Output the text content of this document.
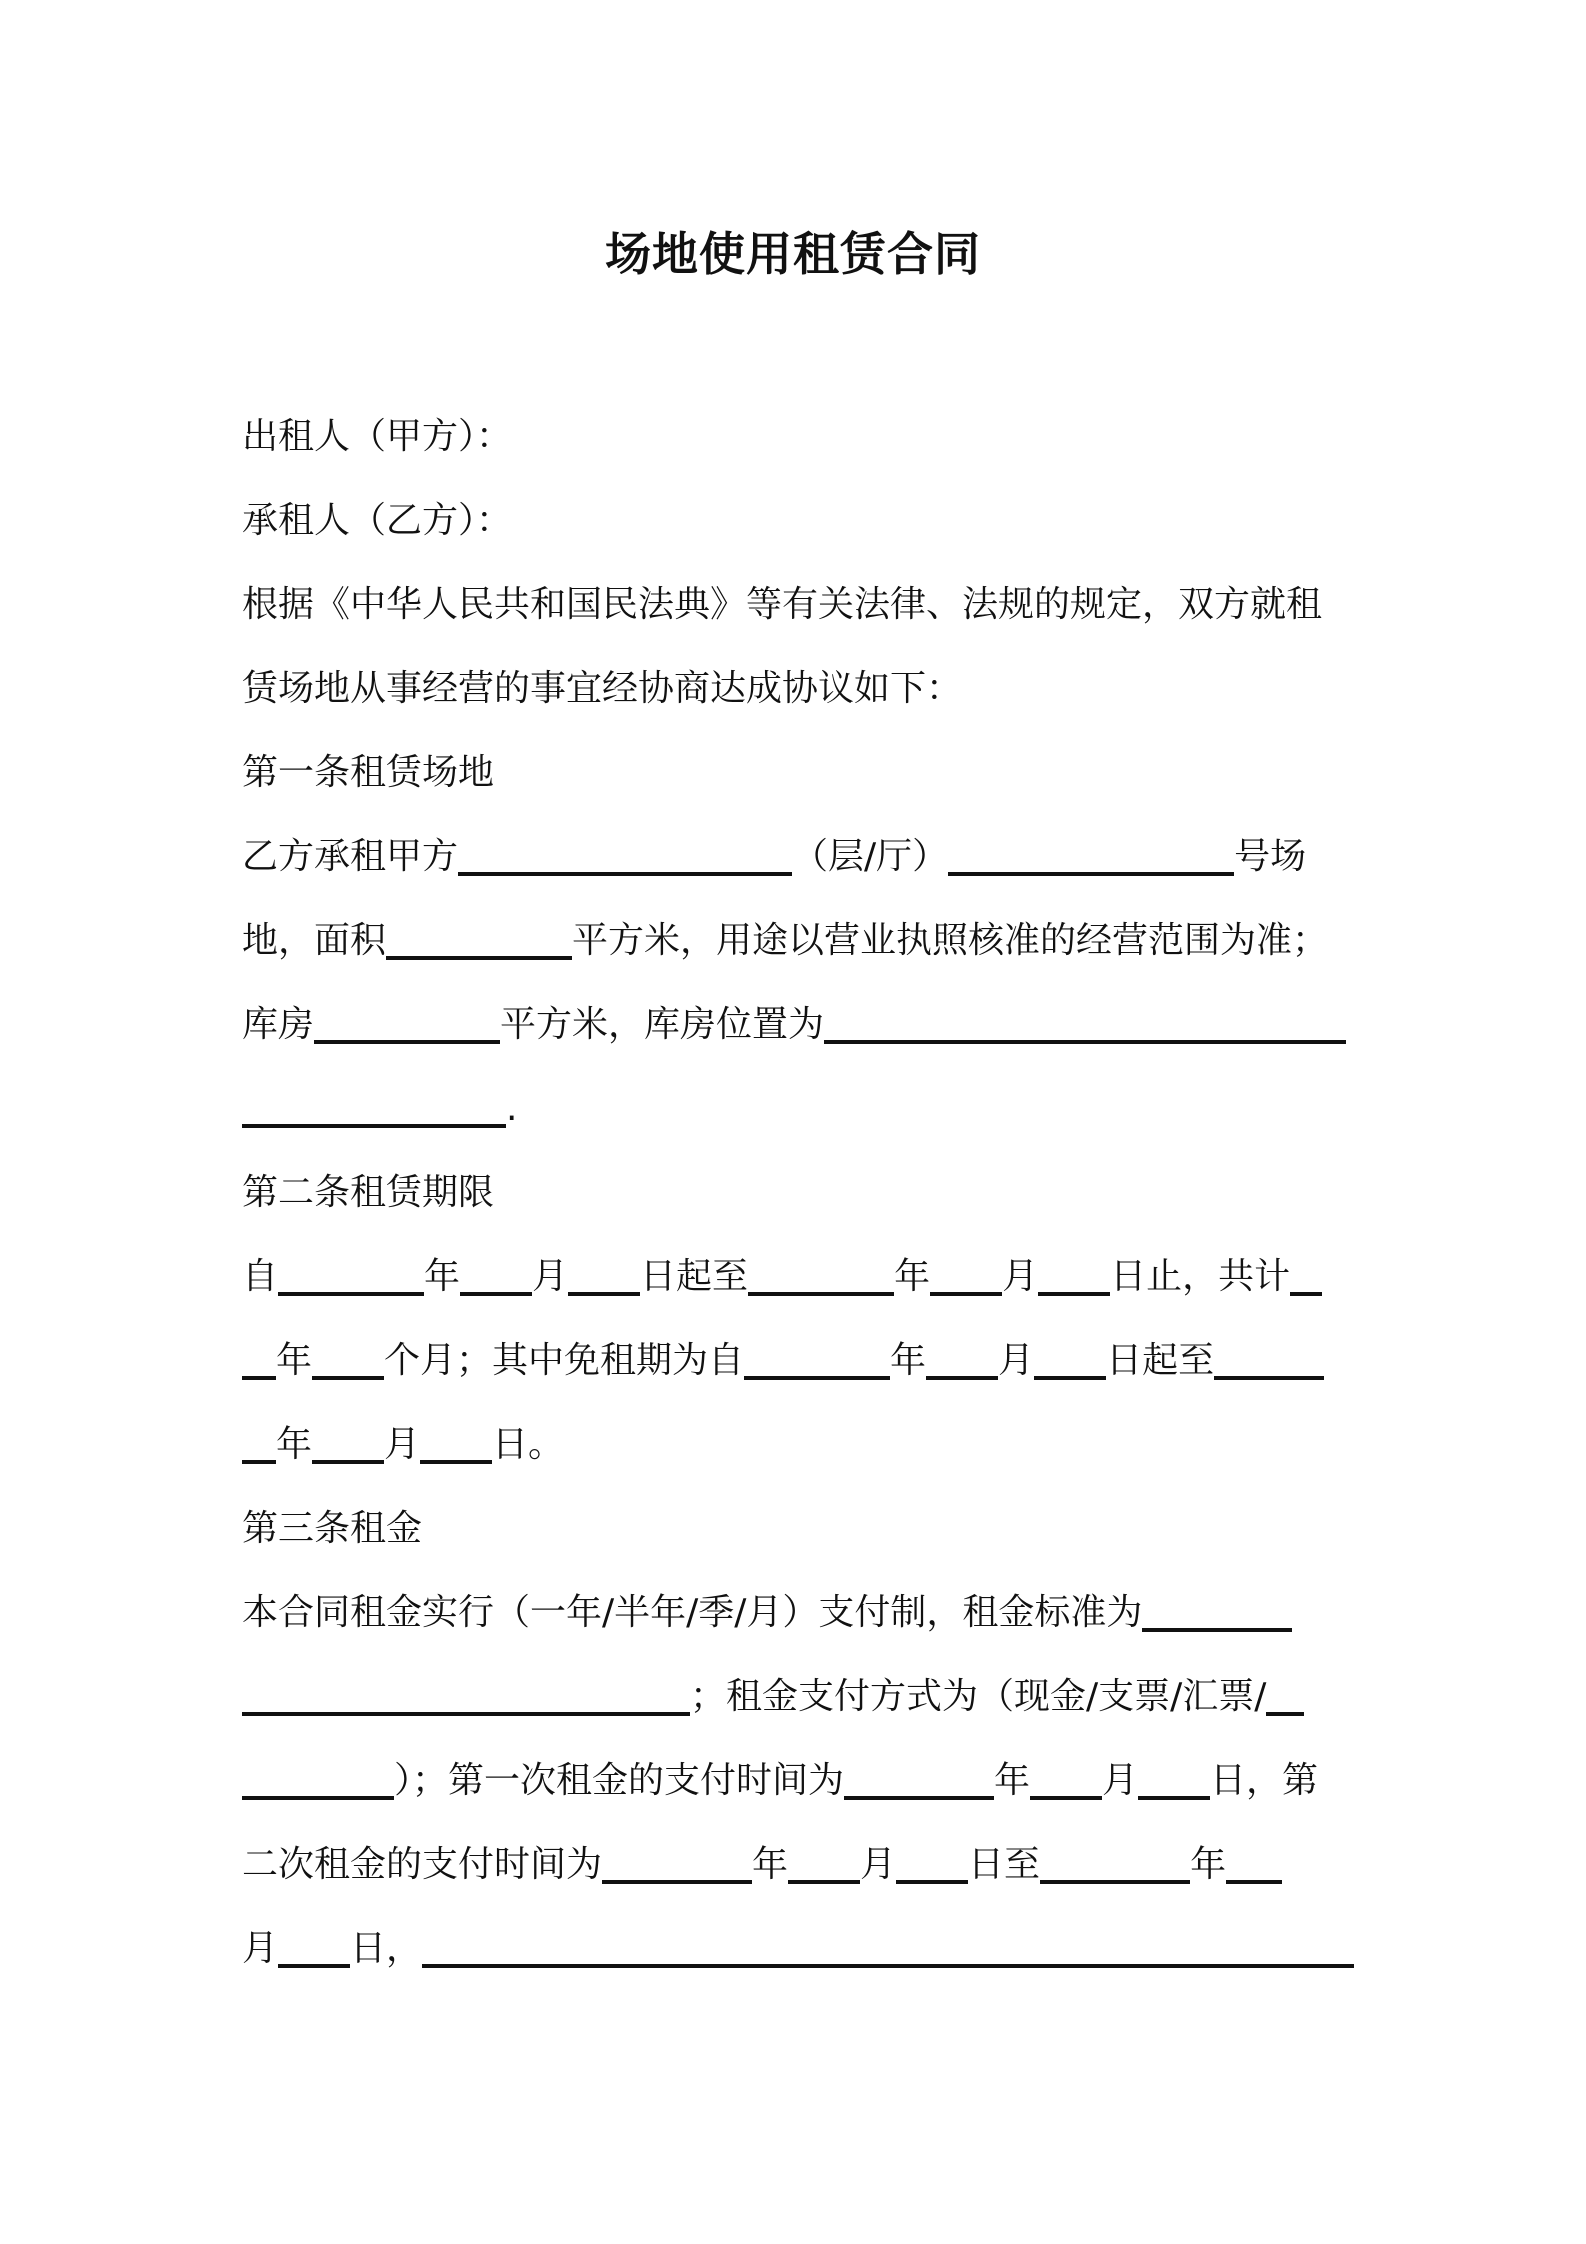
场地使用租赁合同
出租人（甲方）：
承租人（乙方）：
根据《中华人民共和国民法典》等有关法律、法规的规定，双方就租
赁场地从事经营的事宜经协商达成协议如下：
第一条租赁场地
乙方承租甲方	（层/厅）	号场
地，面积	平方米，用途以营业执照核准的经营范围为准；
库房	平方米，库房位置为
.
第二条租赁期限
自	年 月 日起至	年 月 日止，共计
年 个月；其中免租期为自	年 月 日起至
年 月 日。
第三条租金
本合同租金实行（一年/半年/季/月）支付制，租金标准为
；租金支付方式为（现金/支票/汇票/
）；第一次租金的支付时间为	年 月 日，第
二次租金的支付时间为	年 月 日至	年
月 日，
